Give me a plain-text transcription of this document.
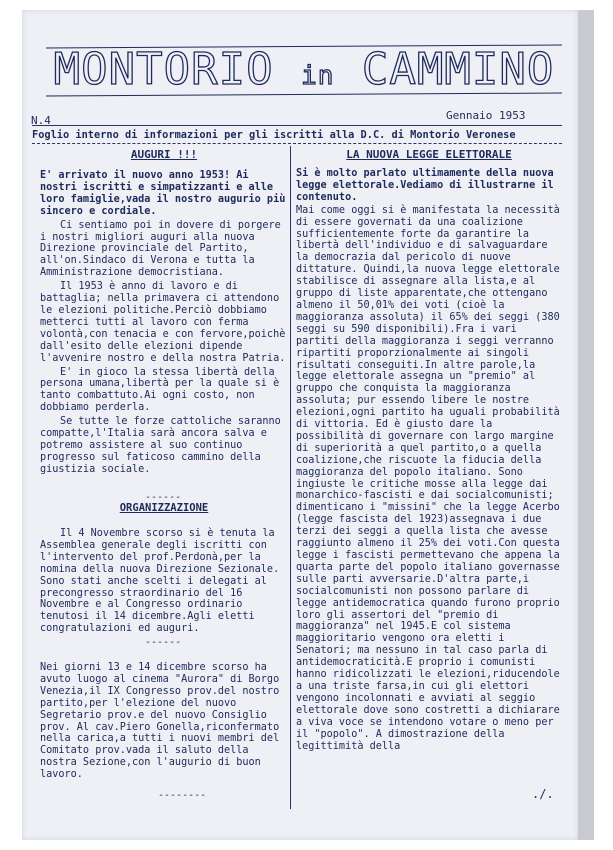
MONTORIO in CAMMINO
N.4	Gennaio 1953
Foglio interno di informazioni per gli iscritti alla D.C. di Montorio Veronese
AUGURI !!!	LA NUOVA LEGGE ELETTORALE

E' arrivato il nuovo anno 1953! Ai nostri iscritti e simpatizzanti e alle loro famiglie,vada il nostro augurio più sincero e cordiale.

Ci sentiamo poi in dovere di porgere i nostri migliori auguri alla nuova Direzione provinciale del Partito, all'on.Sindaco di Verona e tutta la Amministrazione democristiana.

Il 1953 è anno di lavoro e di battaglia; nella primavera ci attendono le elezioni politiche.Perciò dobbiamo metterci tutti al lavoro con ferma volontà,con tenacia e con fervore,poichè dall'esito delle elezioni dipende l'avvenire nostro e della nostra Patria.

E' in gioco la stessa libertà della persona umana,libertà per la quale si è tanto combattuto.Ai ogni costo, non dobbiamo perderla.

Se tutte le forze cattoliche saranno compatte,l'Italia sarà ancora salva e potremo assistere al suo continuo progresso sul faticoso cammino della giustizia sociale.

------
ORGANIZZAZIONE

Il 4 Novembre scorso si è tenuta la Assemblea generale degli iscritti con l'intervento del prof.Perdonà,per la nomina della nuova Direzione Sezionale. Sono stati anche scelti i delegati al precongresso straordinario del 16 Novembre e al Congresso ordinario tenutosi il 14 dicembre.Agli eletti congratulazioni ed auguri.

------

Nei giorni 13 e 14 dicembre scorso ha avuto luogo al cinema "Aurora" di Borgo Venezia,il IX Congresso prov.del nostro partito,per l'elezione del nuovo Segretario prov.e del nuovo Consiglio prov. Al cav.Piero Gonella,riconfermato nella carica,a tutti i nuovi membri del Comitato prov.vada il saluto della nostra Sezione,con l'augurio di buon lavoro.

--------

Si è molto parlato ultimamente della nuova legge elettorale.Vediamo di illustrarne il contenuto.

Mai come oggi si è manifestata la necessità di essere governati da una coalizione sufficientemente forte da garantire la libertà dell'individuo e di salvaguardare la democrazia dal pericolo di nuove dittature. Quindi,la nuova legge elettorale stabilisce di assegnare alla lista,e al gruppo di liste apparentate,che ottengano almeno il 50,01% dei voti (cioè la maggioranza assoluta) il 65% dei seggi (380 seggi su 590 disponibili).Fra i vari partiti della maggioranza i seggi verranno ripartiti proporzionalmente ai singoli risultati conseguiti.In altre parole,la legge elettorale assegna un "premio" al gruppo che conquista la maggioranza assoluta; pur essendo libere le nostre elezioni,ogni partito ha uguali probabilità di vittoria. Ed è giusto dare la possibilità di governare con largo margine di superiorità a quel partito,o a quella coalizione,che riscuote la fiducia della maggioranza del popolo italiano. Sono ingiuste le critiche mosse alla legge dai monarchico-fascisti e dai socialcomunisti; dimenticano i "missini" che la legge Acerbo (legge fascista del 1923)assegnava i due terzi dei seggi a quella lista che avesse raggiunto almeno il 25% dei voti.Con questa legge i fascisti permettevano che appena la quarta parte del popolo italiano governasse sulle parti avversarie.D'altra parte,i socialcomunisti non possono parlare di legge antidemocratica quando furono proprio loro gli assertori del "premio di maggioranza" nel 1945.E col sistema maggioritario vengono ora eletti i Senatori; ma nessuno in tal caso parla di antidemocraticità.E proprio i comunisti hanno ridicolizzati le elezioni,riducendole a una triste farsa,in cui gli elettori vengono incolonnati e avviati al seggio elettorale dove sono costretti a dichiarare a viva voce se intendono votare o meno per il "popolo". A dimostrazione della legittimità della

./.
